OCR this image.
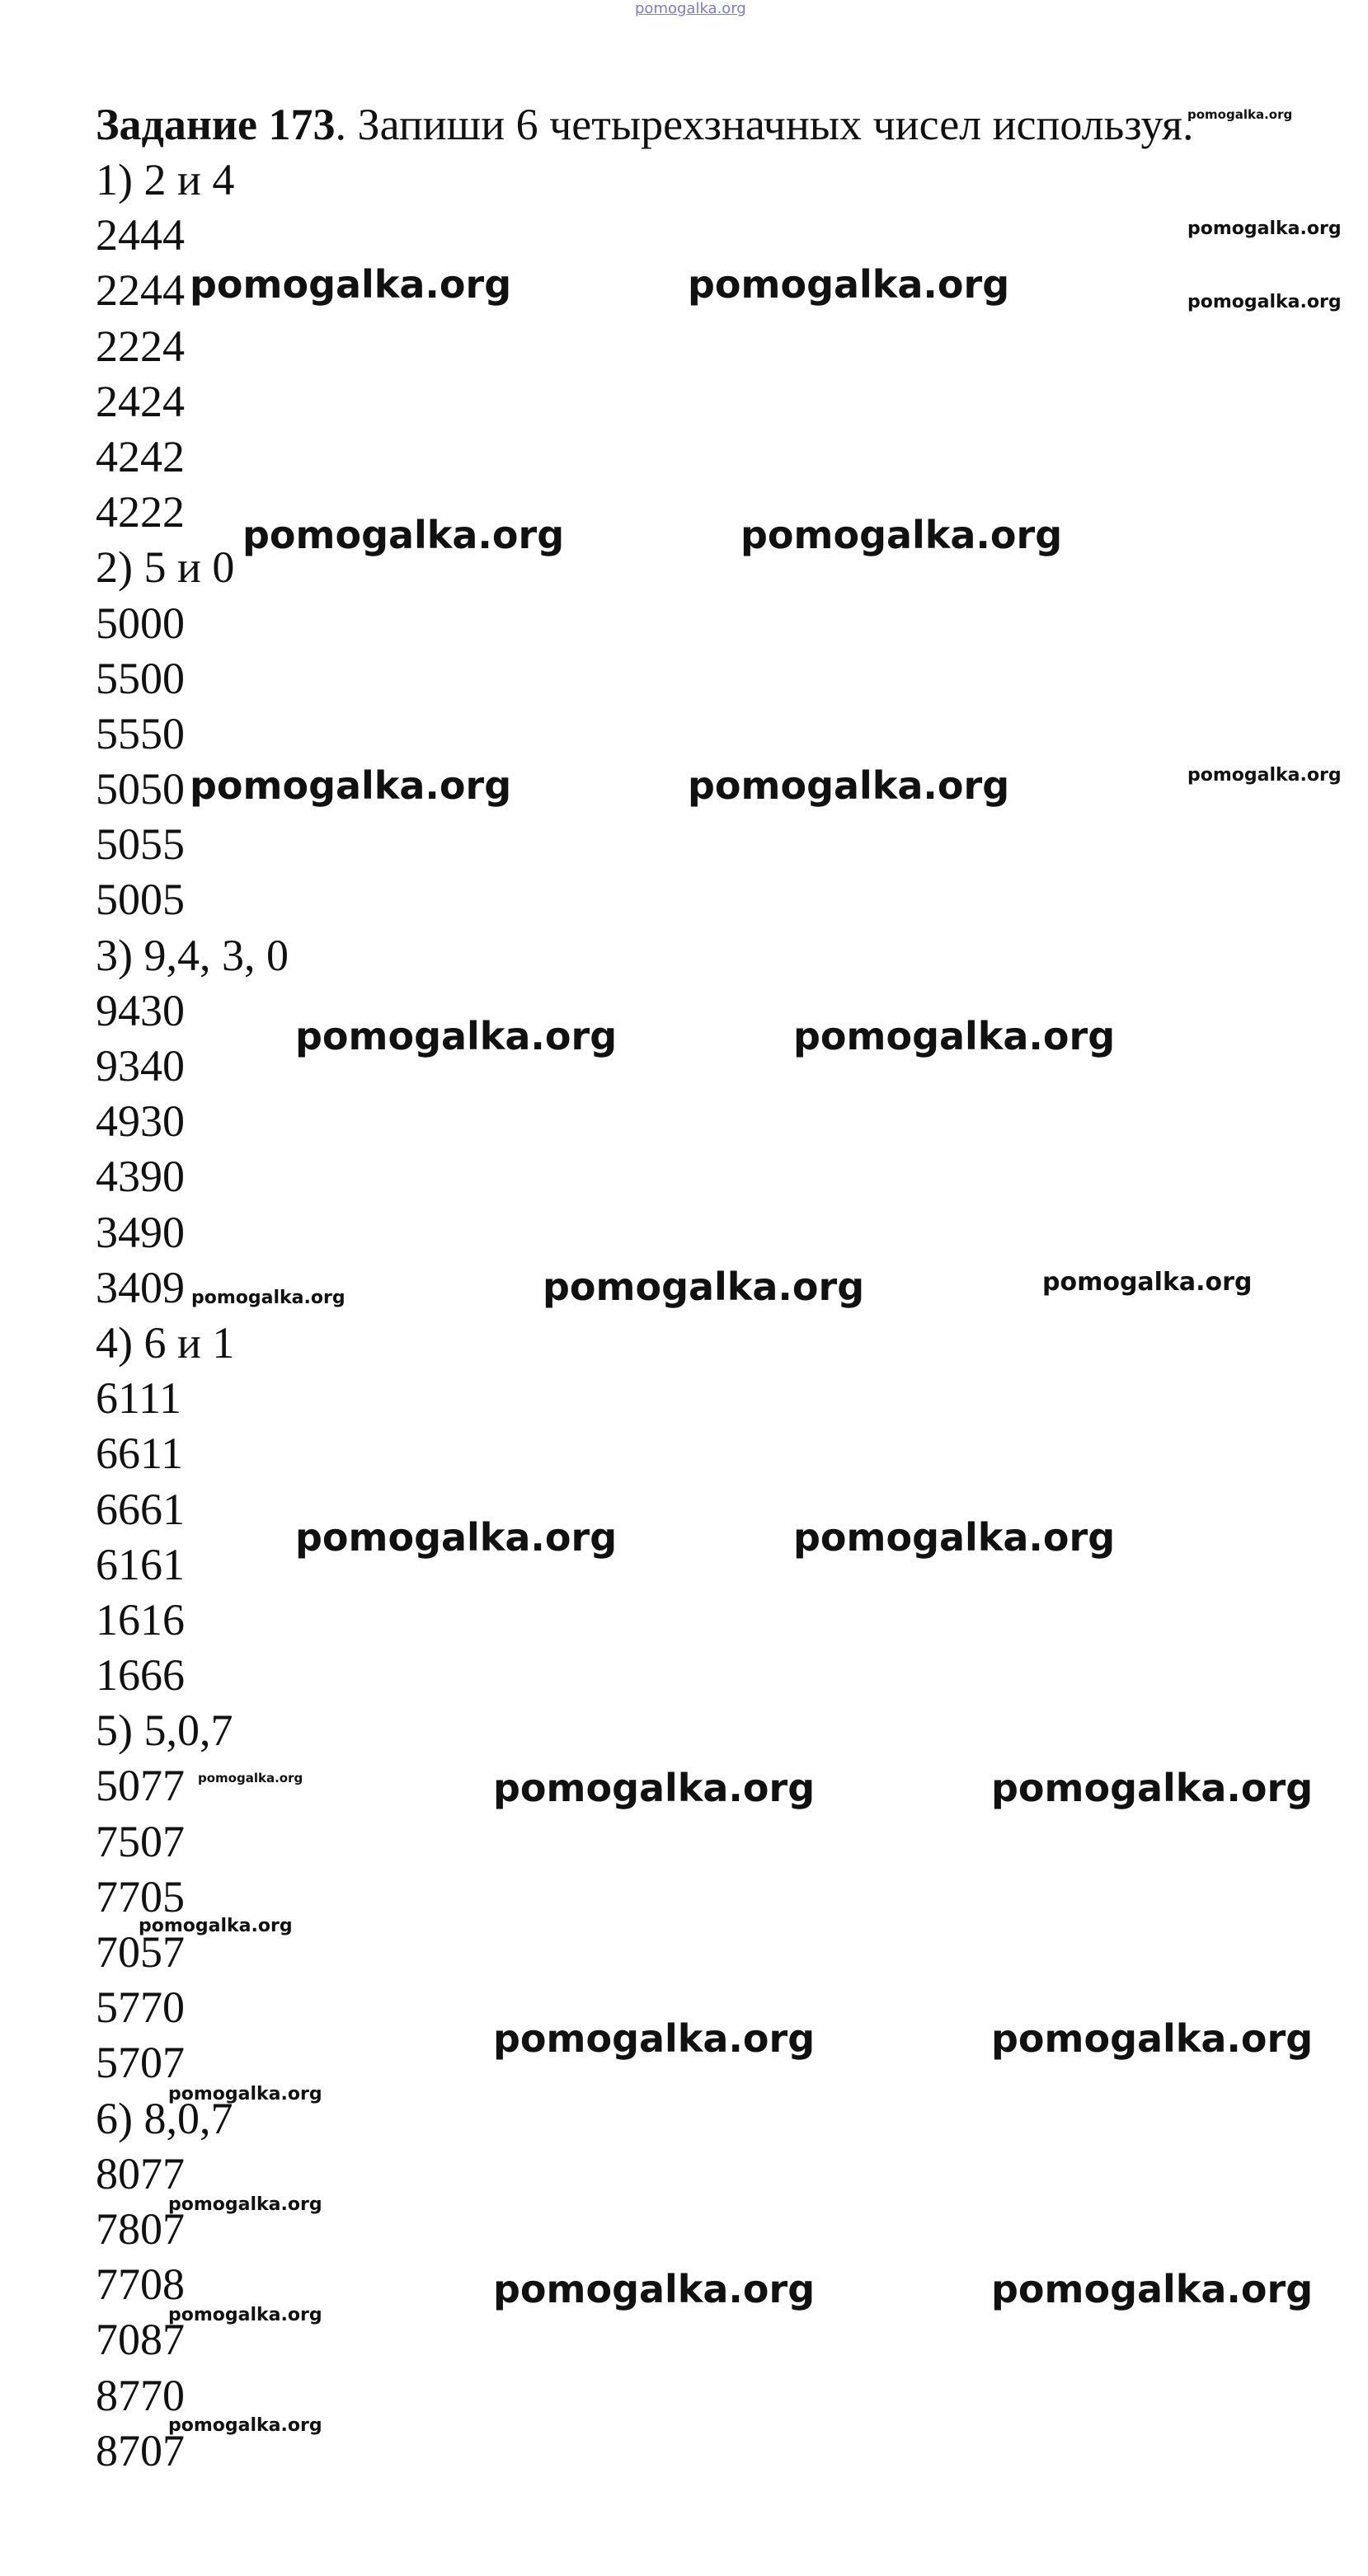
pomogalka.org
Задание 173. Запиши 6 четырехзначных чисел используя.
1) 2 и 4
2444
2244
2224
2424
4242
4222
2) 5 и 0
5000
5500
5550
5050
5055
5005
3) 9,4, 3, 0
9430
9340
4930
4390
3490
3409
4) 6 и 1
6111
6611
6661
6161
1616
1666
5) 5,0,7
5077
7507
7705
7057
5770
5707
6) 8,0,7
8077
7807
7708
7087
8770
8707
pomogalka.org
pomogalka.org
pomogalka.org
pomogalka.org	pomogalka.org
pomogalka.org	pomogalka.org
pomogalka.org	pomogalka.org	pomogalka.org
pomogalka.org	pomogalka.org
pomogalka.org	pomogalka.org	pomogalka.org
pomogalka.org	pomogalka.org
pomogalka.org	pomogalka.org	pomogalka.org
pomogalka.org
pomogalka.org	pomogalka.org
pomogalka.org
pomogalka.org
pomogalka.org	pomogalka.org
pomogalka.org
pomogalka.org
